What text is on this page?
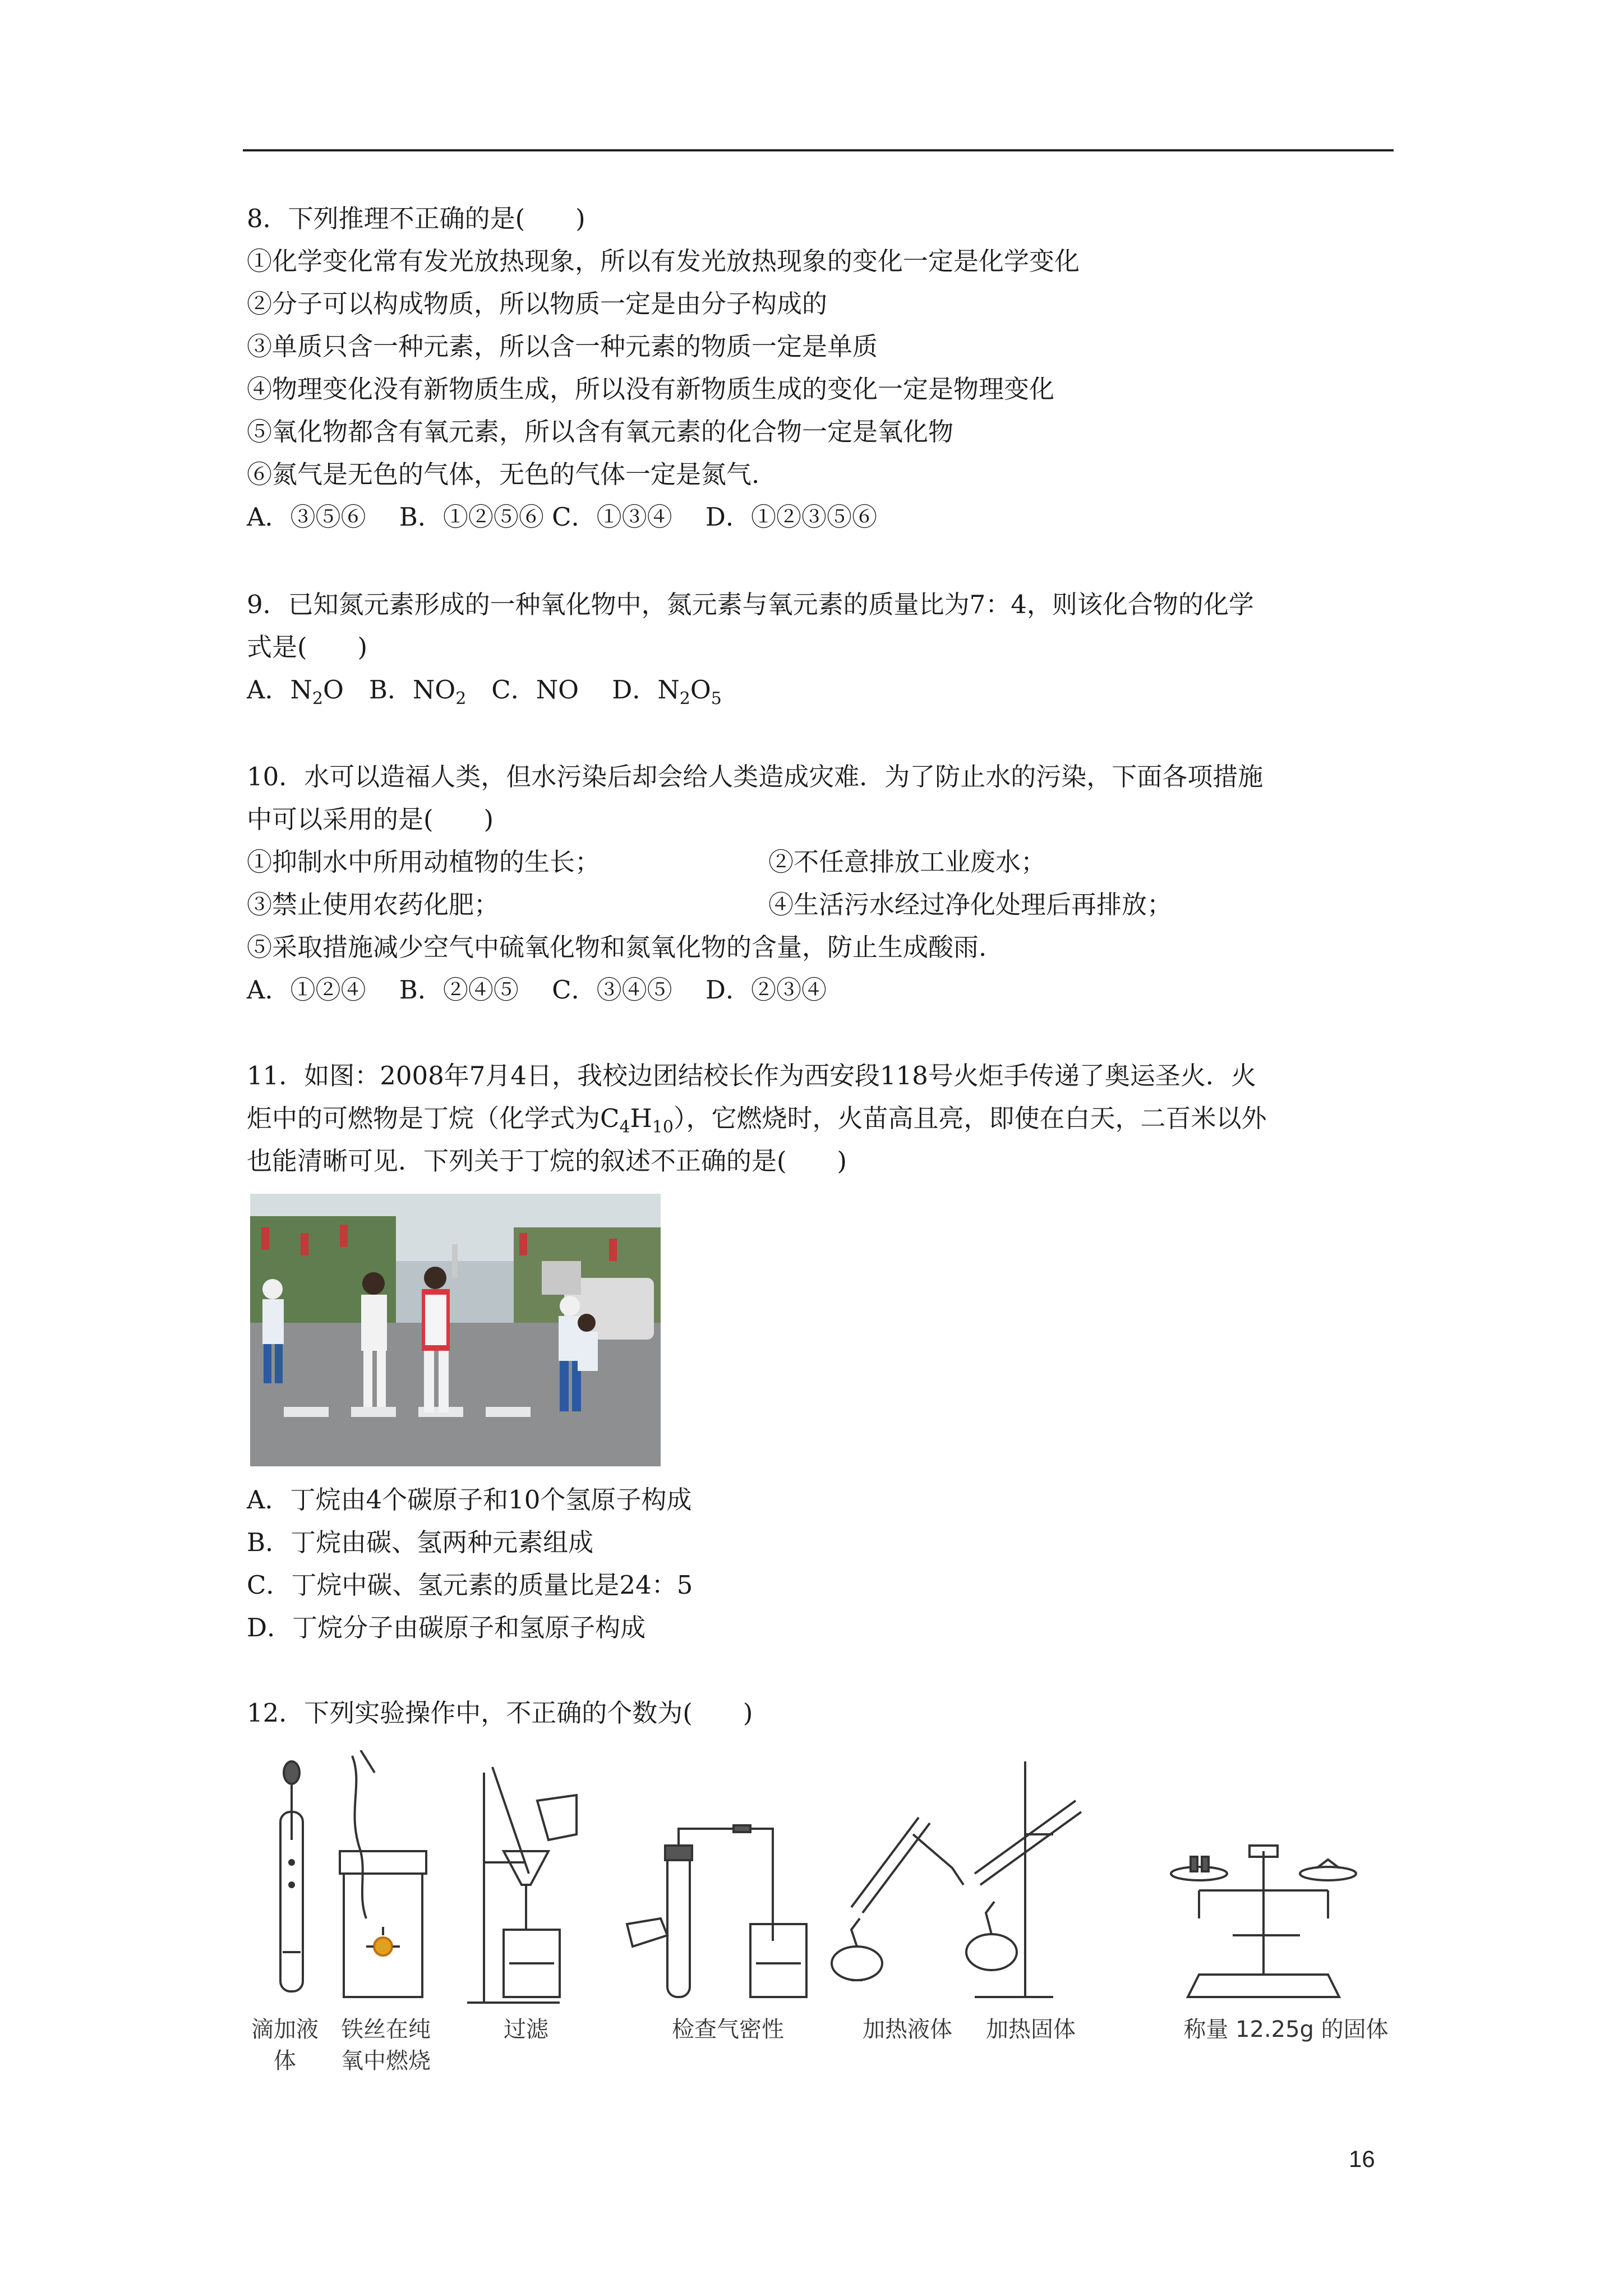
8．下列推理不正确的是(　　)
①化学变化常有发光放热现象，所以有发光放热现象的变化一定是化学变化
②分子可以构成物质，所以物质一定是由分子构成的
③单质只含一种元素，所以含一种元素的物质一定是单质
④物理变化没有新物质生成，所以没有新物质生成的变化一定是物理变化
⑤氧化物都含有氧元素，所以含有氧元素的化合物一定是氧化物
⑥氮气是无色的气体，无色的气体一定是氮气.
A．③⑤⑥　 B．①②⑤⑥ C．①③④　 D．①②③⑤⑥
9．已知氮元素形成的一种氧化物中，氮元素与氧元素的质量比为7：4，则该化合物的化学
式是(　　)
A．$N_2O$　B．$NO_2$　C．NO　 D．$N_2O_5$
10．水可以造福人类，但水污染后却会给人类造成灾难．为了防止水的污染，下面各项措施
中可以采用的是(　　)
①抑制水中所用动植物的生长；	②不任意排放工业废水；
③禁止使用农药化肥；	④生活污水经过净化处理后再排放；
⑤采取措施减少空气中硫氧化物和氮氧化物的含量，防止生成酸雨.
A．①②④　 B．②④⑤　 C．③④⑤　 D．②③④
11．如图：2008年7月4日，我校边团结校长作为西安段118号火炬手传递了奥运圣火．火
炬中的可燃物是丁烷（化学式为$C_4H_{10}$），它燃烧时，火苗高且亮，即使在白天，二百米以外
也能清晰可见．下列关于丁烷的叙述不正确的是(　　)
A．丁烷由4个碳原子和10个氢原子构成
B．丁烷由碳、氢两种元素组成
C．丁烷中碳、氢元素的质量比是24：5
D．丁烷分子由碳原子和氢原子构成
12．下列实验操作中，不正确的个数为(　　)
滴加液体
铁丝在纯
氧中燃烧
过滤	检查气密性	加热液体	加热固体	称量 12.25g 的固体
16
